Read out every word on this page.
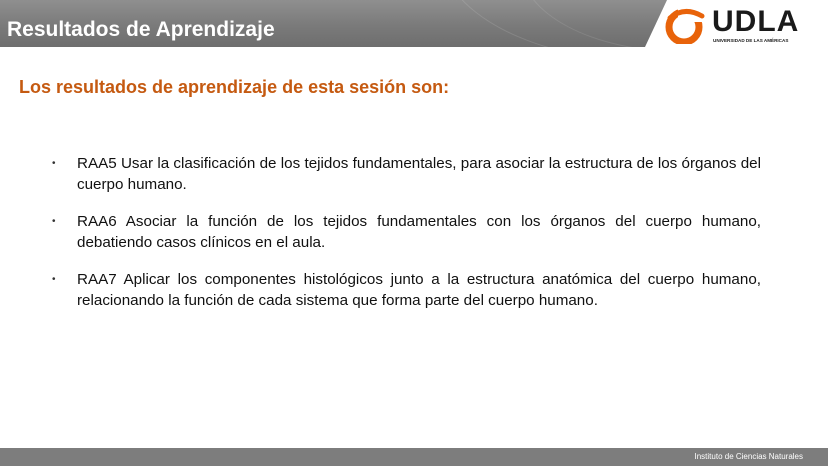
Resultados de Aprendizaje	UDLA
UNIVERSIDAD DE LAS AMÉRICAS
Los resultados de aprendizaje de esta sesión son:
• RAA5 Usar la clasificación de los tejidos fundamentales, para asociar la estructura de los órganos del cuerpo humano.
• RAA6 Asociar la función de los tejidos fundamentales con los órganos del cuerpo humano, debatiendo casos clínicos en el aula.
• RAA7 Aplicar los componentes histológicos junto a la estructura anatómica del cuerpo humano, relacionando la función de cada sistema que forma parte del cuerpo humano.
Instituto de Ciencias Naturales
